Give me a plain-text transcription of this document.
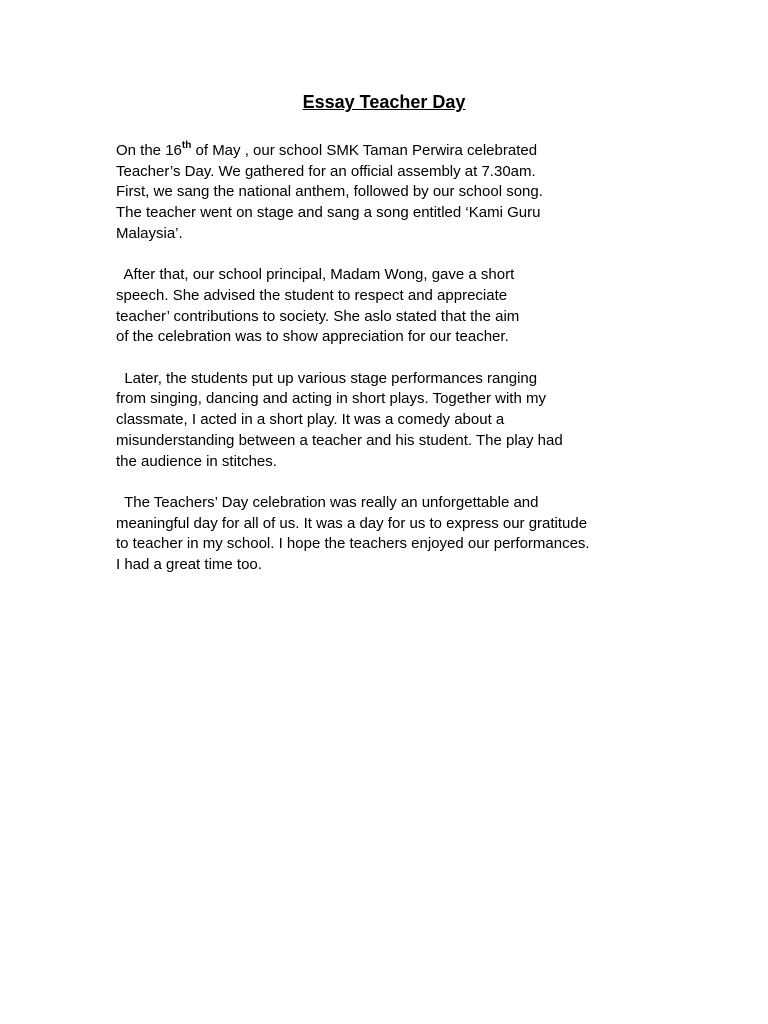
Essay Teacher Day

On the 16th of May , our school SMK Taman Perwira celebrated
Teacher’s Day. We gathered for an official assembly at 7.30am.
First, we sang the national anthem, followed by our school song.
The teacher went on stage and sang a song entitled ‘Kami Guru
Malaysia’.

After that, our school principal, Madam Wong, gave a short
speech. She advised the student to respect and appreciate
teacher’ contributions to society. She aslo stated that the aim
of the celebration was to show appreciation for our teacher.

Later, the students put up various stage performances ranging
from singing, dancing and acting in short plays. Together with my
classmate, I acted in a short play. It was a comedy about a
misunderstanding between a teacher and his student. The play had
the audience in stitches.

The Teachers’ Day celebration was really an unforgettable and
meaningful day for all of us. It was a day for us to express our gratitude
to teacher in my school. I hope the teachers enjoyed our performances.
I had a great time too.
